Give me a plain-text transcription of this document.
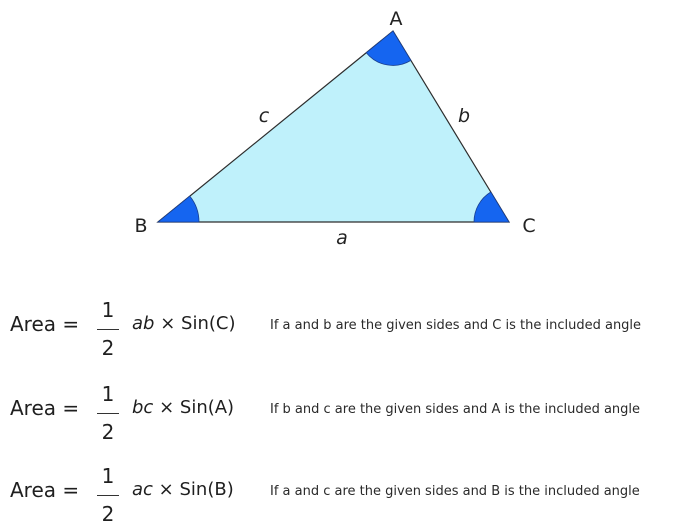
A
B	C
a
b
c
Area =
1
2
ab × Sin(C)	If a and b are the given sides and C is the included angle
Area =
1
2
bc × Sin(A)	If b and c are the given sides and A is the included angle
Area =
1
2
ac × Sin(B)	If a and c are the given sides and B is the included angle
